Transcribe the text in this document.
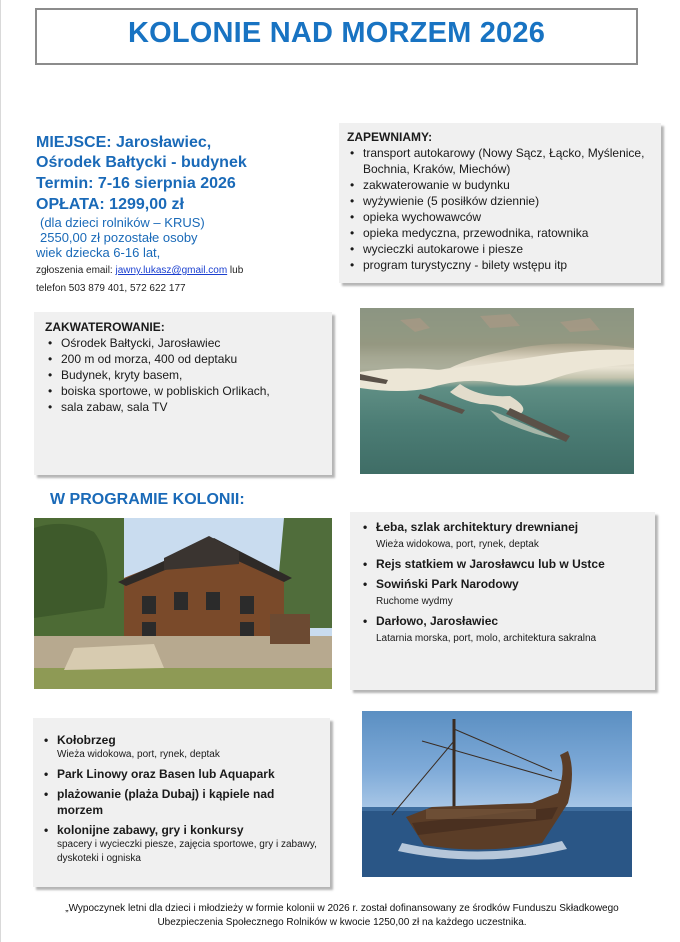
KOLONIE NAD MORZEM 2026
MIEJSCE: Jarosławiec,
Ośrodek Bałtycki - budynek
Termin: 7-16 sierpnia 2026
OPŁATA: 1299,00 zł
(dla dzieci rolników – KRUS)
2550,00 zł pozostałe osoby
wiek dziecka 6-16 lat,
zgłoszenia email: jawny.lukasz@gmail.com lub
telefon 503 879 401, 572 622 177
ZAPEWNIAMY:
• transport autokarowy (Nowy Sącz, Łącko, Myślenice, Bochnia, Kraków, Miechów)
• zakwaterowanie w budynku
• wyżywienie (5 posiłków dziennie)
• opieka wychowawców
• opieka medyczna, przewodnika, ratownika
• wycieczki autokarowe i piesze
• program turystyczny - bilety wstępu itp
ZAKWATEROWANIE:
• Ośrodek Bałtycki, Jarosławiec
• 200 m od morza, 400 od deptaku
• Budynek, kryty basem,
• boiska sportowe, w pobliskich Orlikach,
• sala zabaw, sala TV
W PROGRAMIE KOLONII:
• Łeba, szlak architektury drewnianej
Wieża widokowa, port, rynek, deptak
• Rejs statkiem w Jarosławcu lub w Ustce
• Sowiński Park Narodowy
Ruchome wydmy
• Darłowo, Jarosławiec
Latarnia morska, port, molo, architektura sakralna
• Kołobrzeg
Wieża widokowa, port, rynek, deptak
• Park Linowy oraz Basen lub Aquapark
• plażowanie (plaża Dubaj) i kąpiele nad morzem
• kolonijne zabawy, gry i konkursy
spacery i wycieczki piesze, zajęcia sportowe, gry i zabawy, dyskoteki i ogniska
„Wypoczynek letni dla dzieci i młodzieży w formie kolonii w 2026 r. został dofinansowany ze środków Funduszu Składkowego
Ubezpieczenia Społecznego Rolników w kwocie 1250,00 zł na każdego uczestnika.
